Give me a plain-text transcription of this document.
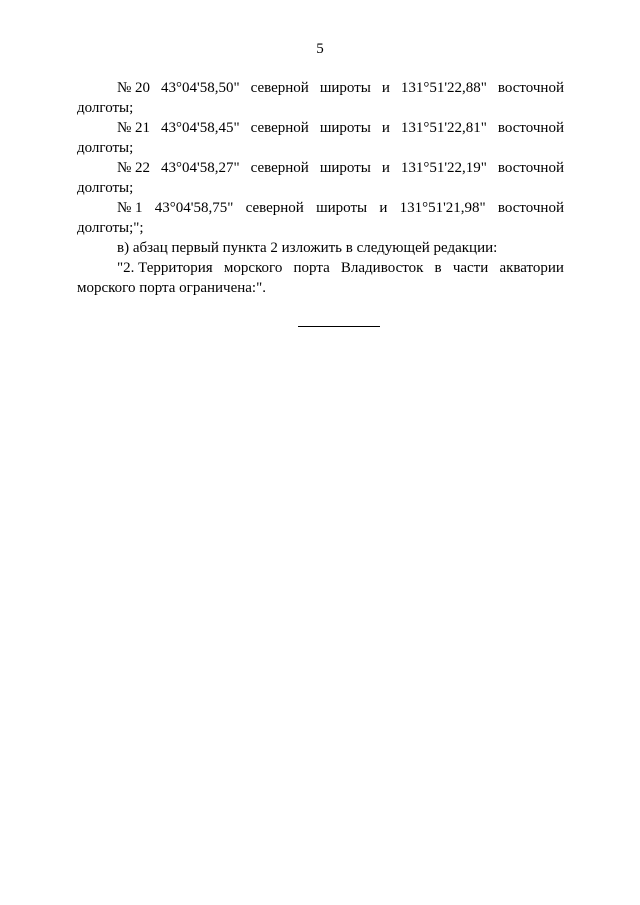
5
№ 20 43°04'58,50" северной широты и 131°51'22,88" восточной
долготы;
№ 21 43°04'58,45" северной широты и 131°51'22,81" восточной
долготы;
№ 22 43°04'58,27" северной широты и 131°51'22,19" восточной
долготы;
№ 1 43°04'58,75" северной широты и 131°51'21,98" восточной
долготы;";
в) абзац первый пункта 2 изложить в следующей редакции:
"2. Территория морского порта Владивосток в части акватории
морского порта ограничена:".
